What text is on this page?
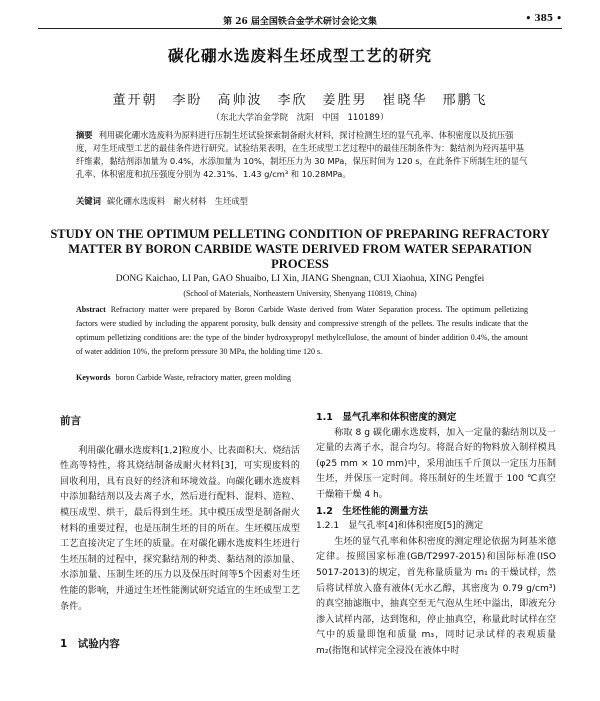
第 26 届全国铁合金学术研讨会论文集	• 385 •
碳化硼水选废料生坯成型工艺的研究
董开朝　李盼　高帅波　李欣　姜胜男　崔晓华　邢鹏飞
（东北大学冶金学院　沈阳　中国　110189）
摘要 利用碳化硼水选废料为原料进行压制生坯试验探索制备耐火材料，探讨检测生坯的显气孔率、体积密度以及抗压强度，对生坯成型工艺的最佳条件进行研究。试验结果表明，在生坯成型工艺过程中的最佳压制条件为：黏结剂为羟丙基甲基纤维素，黏结剂添加量为 0.4%，水添加量为 10%，制坯压力为 30 MPa，保压时间为 120 s，在此条件下所制生坯的显气孔率、体积密度和抗压强度分别为 42.31%、1.43 g/cm³ 和 10.28MPa。
关键词 碳化硼水选废料　耐火材料　生坯成型
STUDY ON THE OPTIMUM PELLETING CONDITION OF PREPARING REFRACTORY MATTER BY BORON CARBIDE WASTE DERIVED FROM WATER SEPARATION PROCESS
DONG Kaichao, LI Pan, GAO Shuaibo, LI Xin, JIANG Shengnan, CUI Xiaohua, XING Pengfei
(School of Materials, Northeastern University, Shenyang 110819, China)
Abstract Refractory matter were prepared by Boron Carbide Waste derived from Water Separation process. The optimum pelletizing factors were studied by including the apparent porosity, bulk density and compressive strength of the pellets. The results indicate that the optimum pelletizing conditions are: the type of the binder hydroxypropyl methylcellulose, the amount of binder addition 0.4%, the amount of water addition 10%, the preform pressure 30 MPa, the holding time 120 s.
Keywords boron Carbide Waste, refractory matter, green molding

前言

利用碳化硼水选废料[1,2]粒度小、比表面积大、烧结活性高等特性，将其烧结制备成耐火材料[3]，可实现废料的回收利用，具有良好的经济和环境效益。向碳化硼水选废料中添加黏结剂以及去离子水，然后进行配料、混料、造粒、模压成型、烘干，最后得到生坯。其中模压成型是制备耐火材料的重要过程，也是压制生坯的目的所在。生坯模压成型工艺直接决定了生坯的质量。在对碳化硼水选废料生坯进行生坯压制的过程中，探究黏结剂的种类、黏结剂的添加量、水添加量、压制生坯的压力以及保压时间等5个因素对生坯性能的影响，并通过生坯性能测试研究适宜的生坯成型工艺条件。

1　试验内容

1.1　显气孔率和体积密度的测定

称取 8 g 碳化硼水选废料，加入一定量的黏结剂以及一定量的去离子水，混合均匀。将混合好的物料放入制样模具(φ25 mm × 10 mm)中，采用油压千斤顶以一定压力压制生坯，并保压一定时间。将压制好的生坯置于 100 ℃真空干燥箱干燥 4 h。

1.2　生坯性能的测量方法

1.2.1　显气孔率[4]和体积密度[5]的测定

生坯的显气孔率和体积密度的测定理论依据为阿基米德定律。按照国家标准(GB/T2997-2015)和国际标准(ISO 5017-2013)的规定，首先称量质量为 m₁ 的干燥试样，然后将试样放入盛有液体(无水乙醇，其密度为 0.79 g/cm³)的真空抽滤瓶中，抽真空至无气泡从生坯中溢出，即液充分渗入试样内部，达到饱和，停止抽真空，称量此时试样在空气中的质量即饱和质量 m₃，同时记录试样的表观质量 m₂(指饱和试样完全浸没在液体中时
